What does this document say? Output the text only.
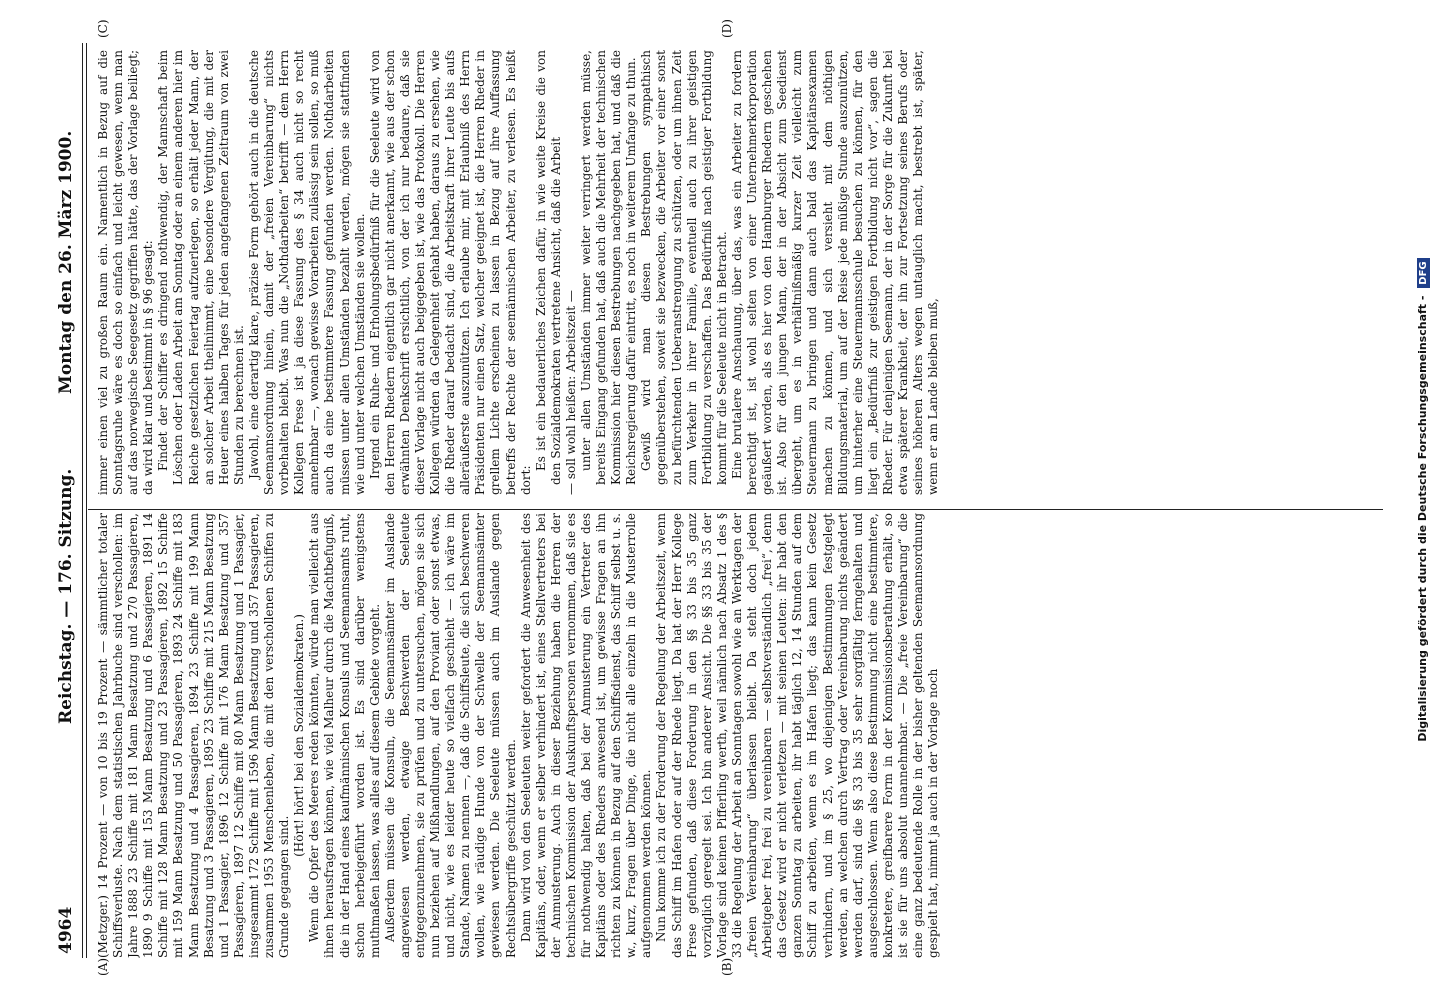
4964
Reichstag. — 176. Sitzung.
Montag den 26. März 1900.
(A)	(B)
(C)	(D)

(Metzger.) 14 Prozent — von 10 bis 19 Prozent — sämmtlicher totaler Schiffsverluste. Nach dem statistischen Jahrbuche sind verschollen: im Jahre 1888 23 Schiffe mit 181 Mann Besatzung und 270 Passagieren, 1890 9 Schiffe mit 153 Mann Besatzung und 6 Passagieren, 1891 14 Schiffe mit 128 Mann Besatzung und 23 Passagieren, 1892 15 Schiffe mit 159 Mann Besatzung und 50 Passagieren, 1893 24 Schiffe mit 183 Mann Besatzung und 4 Passagieren, 1894 23 Schiffe mit 199 Mann Besatzung und 3 Passagieren, 1895 23 Schiffe mit 215 Mann Besatzung und 1 Passagier, 1896 12 Schiffe mit 176 Mann Besatzung und 357 Passagieren, 1897 12 Schiffe mit 80 Mann Besatzung und 1 Passagier, insgesammt 172 Schiffe mit 1596 Mann Besatzung und 357 Passagieren, zusammen 1953 Menschenleben, die mit den verschollenen Schiffen zu Grunde gegangen sind.

(Hört! hört! bei den Sozialdemokraten.) Wenn die Opfer des Meeres reden könnten, würde man vielleicht aus ihnen herausfragen können, wie viel Malheur durch die Machtbefugniß, die in der Hand eines kaufmännischen Konsuls und Seemannsamts ruht, schon herbeigeführt worden ist. Es sind darüber wenigstens muthmaßen lassen, was alles auf diesem Gebiete vorgeht. Außerdem müssen die Konsuln, die Seemannsämter im Auslande angewiesen werden, etwaige Beschwerden der Seeleute entgegenzunehmen, sie zu prüfen und zu untersuchen, mögen sie sich nun beziehen auf Mißhandlungen, auf den Proviant oder sonst etwas, und nicht, wie es leider heute so vielfach geschieht — ich wäre im Stande, Namen zu nennen —, daß die Schiffsleute, die sich beschweren wollen, wie räudige Hunde von der Schwelle der Seemannsämter gewiesen werden. Die Seeleute müssen auch im Auslande gegen Rechtsübergriffe geschützt werden. Dann wird von den Seeleuten weiter gefordert die Anwesenheit des Kapitäns, oder, wenn er selber verhindert ist, eines Stellvertreters bei der Anmusterung. Auch in dieser Beziehung haben die Herren der technischen Kommission der Auskunftspersonen vernommen, daß sie es für nothwendig halten, daß bei der Anmusterung ein Vertreter des Kapitäns oder des Rheders anwesend ist, um gewisse Fragen an ihn richten zu können in Bezug auf den Schiffsdienst, das Schiff selbst u. s. w., kurz, Fragen über Dinge, die nicht alle einzeln in die Musterrolle aufgenommen werden können. Nun komme ich zu der Forderung der Regelung der Arbeitszeit, wenn das Schiff im Hafen oder auf der Rhede liegt. Da hat der Herr Kollege Frese gefunden, daß diese Forderung in den §§ 33 bis 35 ganz vorzüglich geregelt sei. Ich bin anderer Ansicht. Die §§ 33 bis 35 der Vorlage sind keinen Pifferling werth, weil nämlich nach Absatz 1 des § 33 die Regelung der Arbeit an Sonntagen sowohl wie an Werktagen der „freien Vereinbarung“ überlassen bleibt. Da steht doch jedem Arbeitgeber frei, frei zu vereinbaren — selbstverständlich „frei“, denn das Gesetz wird er nicht verletzen — mit seinen Leuten: ihr habt den ganzen Sonntag zu arbeiten, ihr habt täglich 12, 14 Stunden auf dem Schiff zu arbeiten, wenn es im Hafen liegt; das kann kein Gesetz verhindern, und im § 25, wo diejenigen Bestimmungen festgelegt werden, an welchen durch Vertrag oder Vereinbarung nichts geändert werden darf, sind die §§ 33 bis 35 sehr sorgfältig ferngehalten und ausgeschlossen. Wenn also diese Bestimmung nicht eine bestimmtere, konkretere, greifbarere Form in der Kommissionsberathung erhält, so ist sie für uns absolut unannehmbar. — Die „freie Vereinbarung“ die eine ganz bedeutende Rolle in der bisher geltenden Seemannsordnung gespielt hat, nimmt ja auch in der Vorlage noch

immer einen viel zu großen Raum ein. Namentlich in Bezug auf die Sonntagsruhe wäre es doch so einfach und leicht gewesen, wenn man auf das norwegische Seegesetz gegriffen hätte, das der Vorlage beiliegt; da wird klar und bestimmt in § 96 gesagt: Findet der Schiffer es dringend nothwendig, der Mannschaft beim Löschen oder Laden Arbeit am Sonntag oder an einem anderen hier im Reiche gesetzlichen Feiertag aufzuerlegen, so erhält jeder Mann, der an solcher Arbeit theilnimmt, eine besondere Vergütung, die mit der Heuer eines halben Tages für jeden angefangenen Zeitraum von zwei Stunden zu berechnen ist. Jawohl, eine derartig klare, präzise Form gehört auch in die deutsche Seemannsordnung hinein, damit der „freien Vereinbarung“ nichts vorbehalten bleibt. Was nun die „Nothdarbeiten“ betrifft — dem Herrn Kollegen Frese ist ja diese Fassung des § 34 auch nicht so recht annehmbar —, wonach gewisse Vorarbeiten zulässig sein sollen, so muß auch da eine bestimmtere Fassung gefunden werden. Nothdarbeiten müssen unter allen Umständen bezahlt werden, mögen sie stattfinden wie und unter welchen Umständen sie wollen. Irgend ein Ruhe- und Erholungsbedürfniß für die Seeleute wird von den Herren Rhedern eigentlich gar nicht anerkannt, wie aus der schon erwähnten Denkschrift ersichtlich, von der ich nur bedaure, daß sie dieser Vorlage nicht auch beigegeben ist, wie das Protokoll. Die Herren Kollegen würden da Gelegenheit gehabt haben, daraus zu ersehen, wie die Rheder darauf bedacht sind, die Arbeitskraft ihrer Leute bis aufs alleräußerste auszunützen. Ich erlaube mir, mit Erlaubniß des Herrn Präsidenten nur einen Satz, welcher geeignet ist, die Herren Rheder in grellem Lichte erscheinen zu lassen in Bezug auf ihre Auffassung betreffs der Rechte der seemännischen Arbeiter, zu verlesen. Es heißt dort:

Es ist ein bedauerliches Zeichen dafür, in wie weite Kreise die von den Sozialdemokraten vertretene Ansicht, daß die Arbeit — soll wohl heißen: Arbeitszeit — unter allen Umständen immer weiter verringert werden müsse, bereits Eingang gefunden hat, daß auch die Mehrheit der technischen Kommission hier diesen Bestrebungen nachgegeben hat, und daß die Reichsregierung dafür eintritt, es noch in weiterem Umfange zu thun. Gewiß wird man diesen Bestrebungen sympathisch gegenüberstehen, soweit sie bezwecken, die Arbeiter vor einer sonst zu befürchtenden Ueberanstrengung zu schützen, oder um ihnen Zeit zum Verkehr in ihrer Familie, eventuell auch zu ihrer geistigen Fortbildung zu verschaffen. Das Bedürfniß nach geistiger Fortbildung kommt für die Seeleute nicht in Betracht. Eine brutalere Anschauung, über das, was ein Arbeiter zu fordern berechtigt ist, ist wohl selten von einer Unternehmerkorporation geäußert worden, als es hier von den Hamburger Rhedern geschehen ist. Also für den jungen Mann, der in der Absicht zum Seedienst übergeht, um es in verhältnißmäßig kurzer Zeit vielleicht zum Steuermann zu bringen und dann auch bald das Kapitänsexamen machen zu können, und sich versieht mit dem nöthigen Bildungsmaterial, um auf der Reise jede müßige Stunde auszunützen, um hinterher eine Steuermannsschule besuchen zu können, für den liegt ein „Bedürfniß zur geistigen Fortbildung nicht vor“, sagen die Rheder. Für denjenigen Seemann, der in der Sorge für die Zukunft bei etwa späterer Krankheit, der ihn zur Fortsetzung seines Berufs oder seines höheren Alters wegen untauglich macht, bestrebt ist, später, wenn er am Lande bleiben muß,	Digitalisierung gefördert durch die Deutsche Forschungsgemeinschaft - DFG
